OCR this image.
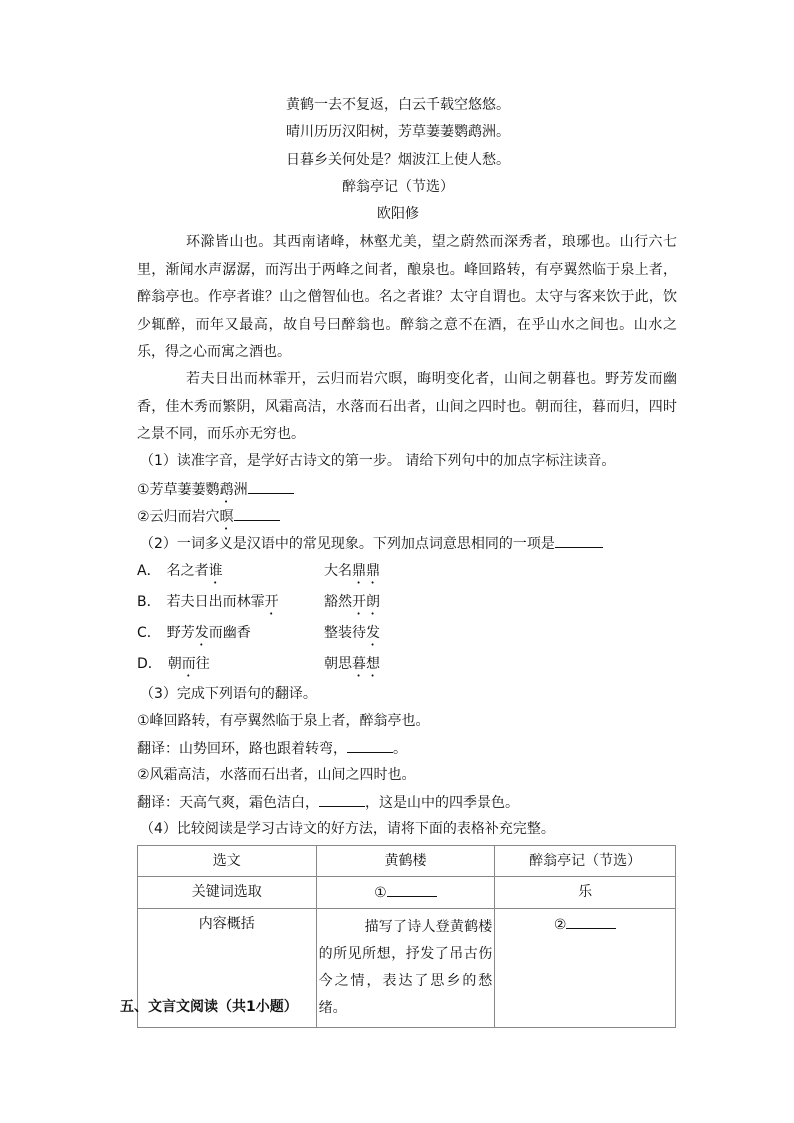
黄鹤一去不复返，白云千载空悠悠。
晴川历历汉阳树，芳草萋萋鹦鹉洲。
日暮乡关何处是？烟波江上使人愁。
醉翁亭记（节选）
欧阳修
环滁皆山也。其西南诸峰，林壑尤美，望之蔚然而深秀者，琅琊也。山行六七里，渐闻水声潺潺，而泻出于两峰之间者，酿泉也。峰回路转，有亭翼然临于泉上者，醉翁亭也。作亭者谁？山之僧智仙也。名之者谁？太守自谓也。太守与客来饮于此，饮少辄醉，而年又最高，故自号曰醉翁也。醉翁之意不在酒，在乎山水之间也。山水之乐，得之心而寓之酒也。
若夫日出而林霏开，云归而岩穴暝，晦明变化者，山间之朝暮也。野芳发而幽香，佳木秀而繁阴，风霜高洁，水落而石出者，山间之四时也。朝而往，暮而归，四时之景不同，而乐亦无穷也。
（1）读准字音，是学好古诗文的第一步。 请给下列句中的加点字标注读音。
①芳草萋萋鹦鹉洲
②云归而岩穴暝
（2）一词多义是汉语中的常见现象。下列加点词意思相同的一项是
A． 名之者谁	大名鼎鼎
B． 若夫日出而林霏开	豁然开朗
C． 野芳发而幽香	整装待发
D． 朝而往	朝思暮想
（3）完成下列语句的翻译。
①峰回路转，有亭翼然临于泉上者，醉翁亭也。
翻译：山势回环，路也跟着转弯，	。
②风霜高洁，水落而石出者，山间之四时也。
翻译：天高气爽，霜色洁白，	，这是山中的四季景色。
（4）比较阅读是学习古诗文的好方法，请将下面的表格补充完整。
选文	黄鹤楼	醉翁亭记（节选）
关键词选取	①	乐
内容概括	描写了诗人登黄鹤楼的所见所想，抒发了吊古伤今之情，表达了思乡的愁绪。	②
五、文言文阅读（共1小题）
